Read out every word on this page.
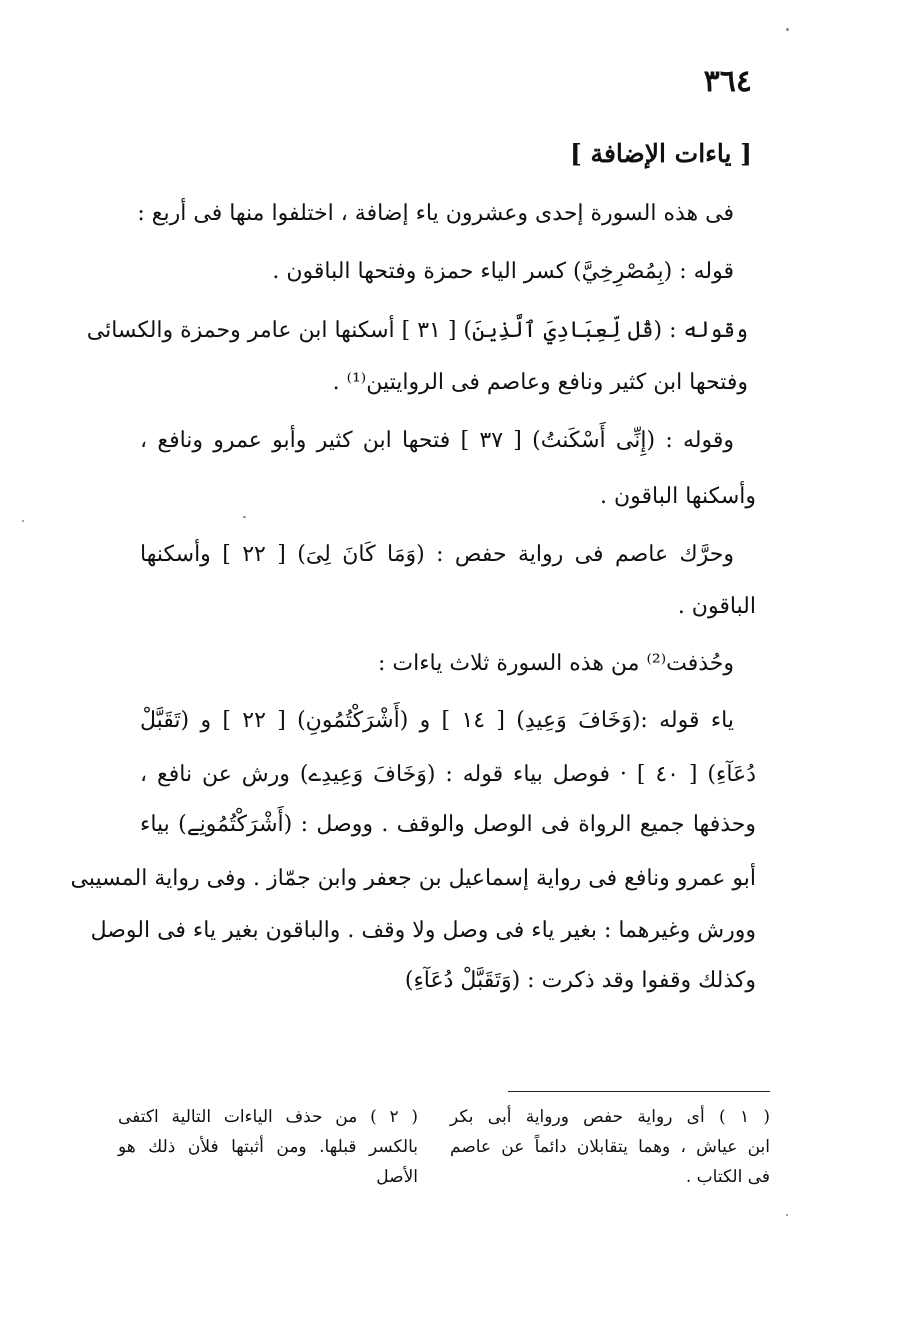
٣٦٤
[ ياءات الإضافة ]
فى هذه السورة إحدى وعشرون ياء إضافة ، اختلفوا منها فى أربع :
قوله : (بِمُصْرِخِيَّ) كسر الياء حمزة وفتحها الباقون .
وقوله : (قُل لِّعِبَادِيَ ٱلَّذِينَ) [ ٣١ ] أسكنها ابن عامر وحمزة والكسائى
وفتحها ابن كثير ونافع وعاصم فى الروايتين⁽¹⁾ .
وقوله : (إِنِّى أَسْكَنتُ) [ ٣٧ ] فتحها ابن كثير وأبو عمرو ونافع ،
وأسكنها الباقون .
وحرَّك عاصم فى رواية حفص : (وَمَا كَانَ لِىَ) [ ٢٢ ] وأسكنها
الباقون .
وحُذفت⁽²⁾ من هذه السورة ثلاث ياءات :
ياء قوله :(وَخَافَ وَعِيدِ) [ ١٤ ] و (أَشْرَكْتُمُونِ) [ ٢٢ ] و (تَقَبَّلْ
دُعَآءِ) [ ٤٠ ] · فوصل بياء قوله : (وَخَافَ وَعِيدِے) ورش عن نافع ،
وحذفها جميع الرواة فى الوصل والوقف . ووصل : (أَشْرَكْتُمُونِے) بياء
أبو عمرو ونافع فى رواية إسماعيل بن جعفر وابن جمّاز . وفى رواية المسيبى
وورش وغيرهما : بغير ياء فى وصل ولا وقف . والباقون بغير ياء فى الوصل
وكذلك وقفوا وقد ذكرت : (وَتَقَبَّلْ دُعَآءِ)
( ١ ) أى رواية حفص ورواية أبى بكر
ابن عياش ، وهما يتقابلان دائماً عن عاصم
فى الكتاب .
( ٢ ) من حذف الياءات التالية اكتفى
بالكسر قبلها. ومن أثبتها فلأن ذلك هو
الأصل
